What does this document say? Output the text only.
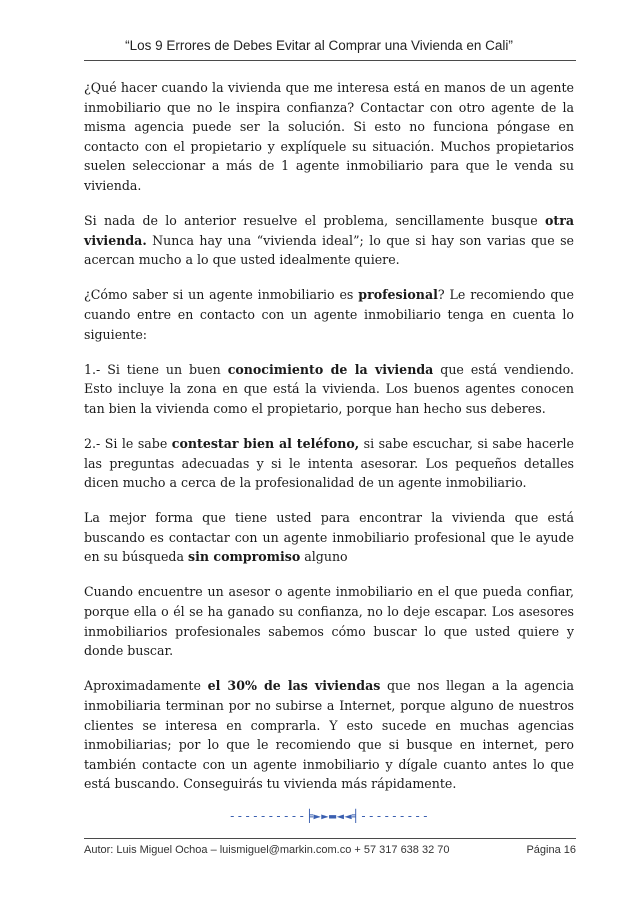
“Los 9 Errores de Debes Evitar al Comprar una Vivienda en Cali”

¿Qué hacer cuando la vivienda que me interesa está en manos de un agente inmobiliario que no le inspira confianza? Contactar con otro agente de la misma agencia puede ser la solución. Si esto no funciona póngase en contacto con el propietario y explíquele su situación. Muchos propietarios suelen seleccionar a más de 1 agente inmobiliario para que le venda su vivienda.

Si nada de lo anterior resuelve el problema, sencillamente busque otra vivienda. Nunca hay una “vivienda ideal”; lo que si hay son varias que se acercan mucho a lo que usted idealmente quiere.

¿Cómo saber si un agente inmobiliario es profesional? Le recomiendo que cuando entre en contacto con un agente inmobiliario tenga en cuenta lo siguiente:

1.- Si tiene un buen conocimiento de la vivienda que está vendiendo. Esto incluye la zona en que está la vivienda. Los buenos agentes conocen tan bien la vivienda como el propietario, porque han hecho sus deberes.

2.- Si le sabe contestar bien al teléfono, si sabe escuchar, si sabe hacerle las preguntas adecuadas y si le intenta asesorar. Los pequeños detalles dicen mucho a cerca de la profesionalidad de un agente inmobiliario.

La mejor forma que tiene usted para encontrar la vivienda que está buscando es contactar con un agente inmobiliario profesional que le ayude en su búsqueda sin compromiso alguno

Cuando encuentre un asesor o agente inmobiliario en el que pueda confiar, porque ella o él se ha ganado su confianza, no lo deje escapar. Los asesores inmobiliarios profesionales sabemos cómo buscar lo que usted quiere y donde buscar.

Aproximadamente el 30% de las viviendas que nos llegan a la agencia inmobiliaria terminan por no subirse a Internet, porque alguno de nuestros clientes se interesa en comprarla. Y esto sucede en muchas agencias inmobiliarias; por lo que le recomiendo que si busque en internet, pero también contacte con un agente inmobiliario y dígale cuanto antes lo que está buscando. Conseguirás tu vivienda más rápidamente.

----------╞►►▬◄◄╡---------
Autor: Luis Miguel Ochoa – luismiguel@markin.com.co + 57 317 638 32 70	Página 16
